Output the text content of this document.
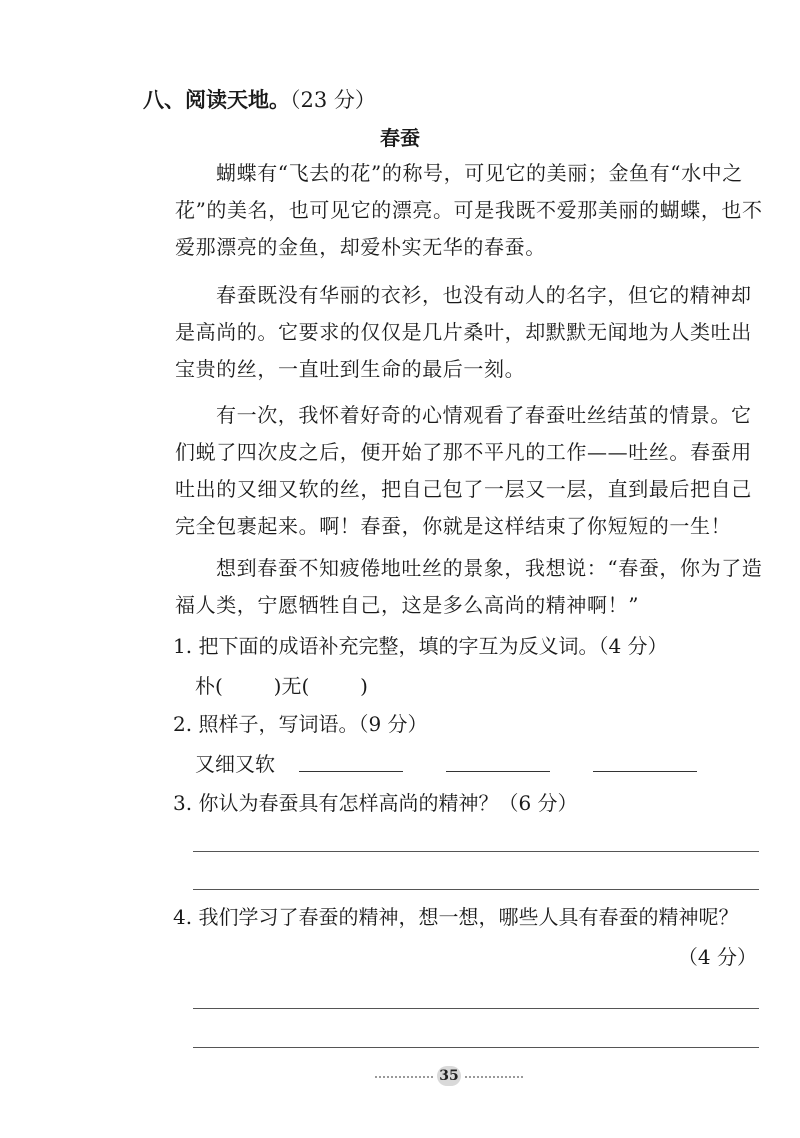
八、阅读天地。（23 分）
春蚕
蝴蝶有“飞去的花”的称号，可见它的美丽；金鱼有“水中之
花”的美名，也可见它的漂亮。可是我既不爱那美丽的蝴蝶，也不
爱那漂亮的金鱼，却爱朴实无华的春蚕。
春蚕既没有华丽的衣衫，也没有动人的名字，但它的精神却
是高尚的。它要求的仅仅是几片桑叶，却默默无闻地为人类吐出
宝贵的丝，一直吐到生命的最后一刻。
有一次，我怀着好奇的心情观看了春蚕吐丝结茧的情景。它
们蜕了四次皮之后，便开始了那不平凡的工作——吐丝。春蚕用
吐出的又细又软的丝，把自己包了一层又一层，直到最后把自己
完全包裹起来。啊！春蚕，你就是这样结束了你短短的一生！
想到春蚕不知疲倦地吐丝的景象，我想说：“春蚕，你为了造
福人类，宁愿牺牲自己，这是多么高尚的精神啊！”
1. 把下面的成语补充完整，填的字互为反义词。（4 分）
朴(        )无(        )
2. 照样子，写词语。（9 分）
又细又软
3. 你认为春蚕具有怎样高尚的精神？（6 分）
4. 我们学习了春蚕的精神，想一想，哪些人具有春蚕的精神呢？
（4 分）
35
